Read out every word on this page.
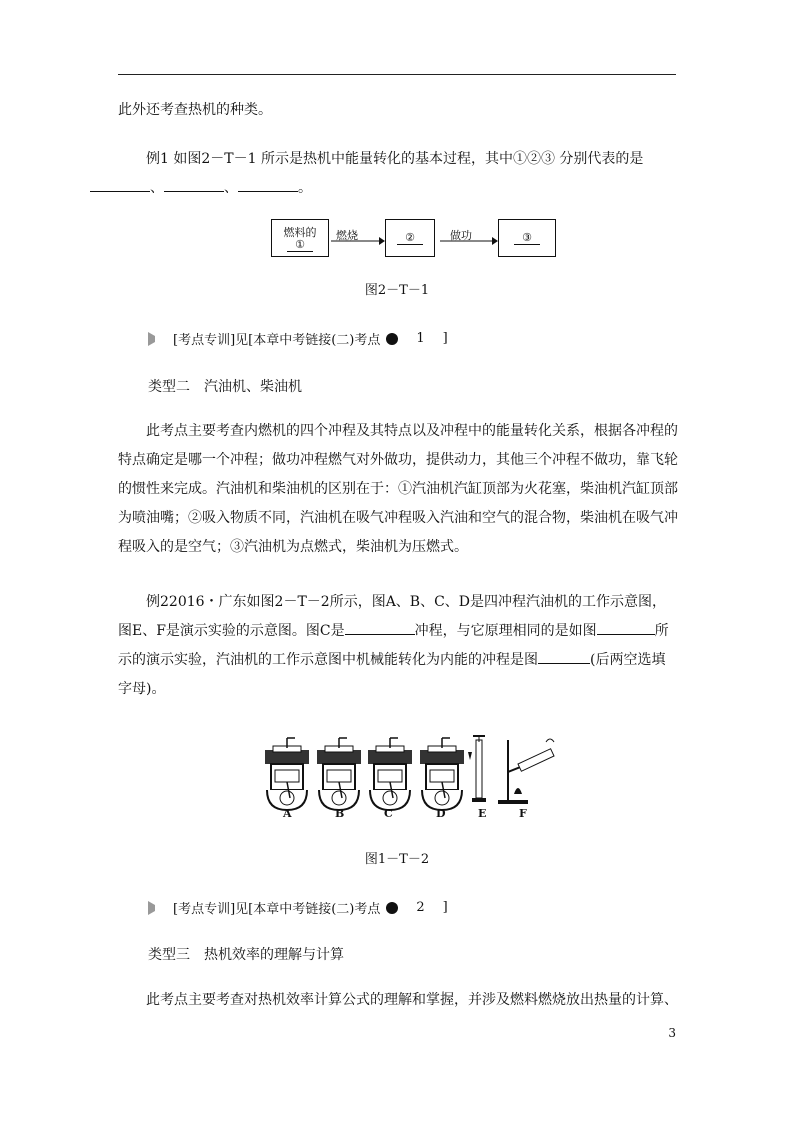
此外还考查热机的种类。

例1 如图2－T－1 所示是热机中能量转化的基本过程，其中①②③ 分别代表的是
、	、	。

燃料的
①
燃烧	②	做功	③
图2－T－1
[考点专训]见[本章中考链接(二)考点	1 ]

类型二　汽油机、柴油机

此考点主要考查内燃机的四个冲程及其特点以及冲程中的能量转化关系，根据各冲程的特点确定是哪一个冲程；做功冲程燃气对外做功，提供动力，其他三个冲程不做功，靠飞轮的惯性来完成。汽油机和柴油机的区别在于：①汽油机汽缸顶部为火花塞，柴油机汽缸顶部为喷油嘴；②吸入物质不同，汽油机在吸气冲程吸入汽油和空气的混合物，柴油机在吸气冲程吸入的是空气；③汽油机为点燃式，柴油机为压燃式。

例22016・广东如图2－T－2所示，图A、B、C、D是四冲程汽油机的工作示意图，图E、F是演示实验的示意图。图C是	冲程，与它原理相同的是如图	所示的演示实验，汽油机的工作示意图中机械能转化为内能的冲程是图	(后两空选填字母)。

A	B	C	D	E	F
图1－T－2
[考点专训]见[本章中考链接(二)考点	2 ]

类型三　热机效率的理解与计算

此考点主要考查对热机效率计算公式的理解和掌握，并涉及燃料燃烧放出热量的计算、

3
